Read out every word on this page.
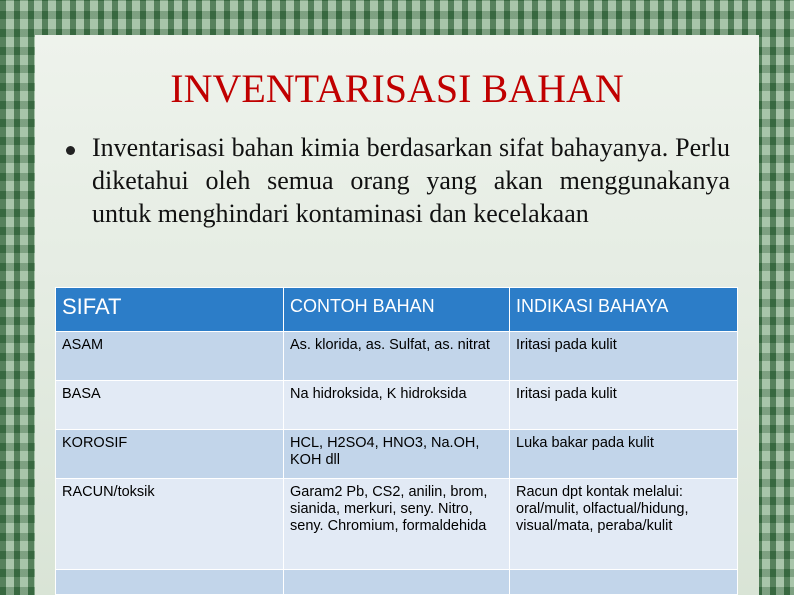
INVENTARISASI BAHAN
Inventarisasi bahan kimia berdasarkan sifat bahayanya. Perlu diketahui oleh semua orang yang akan menggunakanya untuk menghindari kontaminasi dan kecelakaan
SIFAT	CONTOH BAHAN	INDIKASI BAHAYA
ASAM	As. klorida, as. Sulfat, as. nitrat	Iritasi pada kulit
BASA	Na hidroksida, K hidroksida	Iritasi pada kulit
KOROSIF	HCL, H2SO4, HNO3, Na.OH, KOH dll	Luka bakar pada kulit
RACUN/toksik	Garam2 Pb, CS2, anilin, brom, sianida, merkuri, seny. Nitro, seny. Chromium, formaldehida	Racun dpt kontak melalui: oral/mulit, olfactual/hidung, visual/mata, peraba/kulit
